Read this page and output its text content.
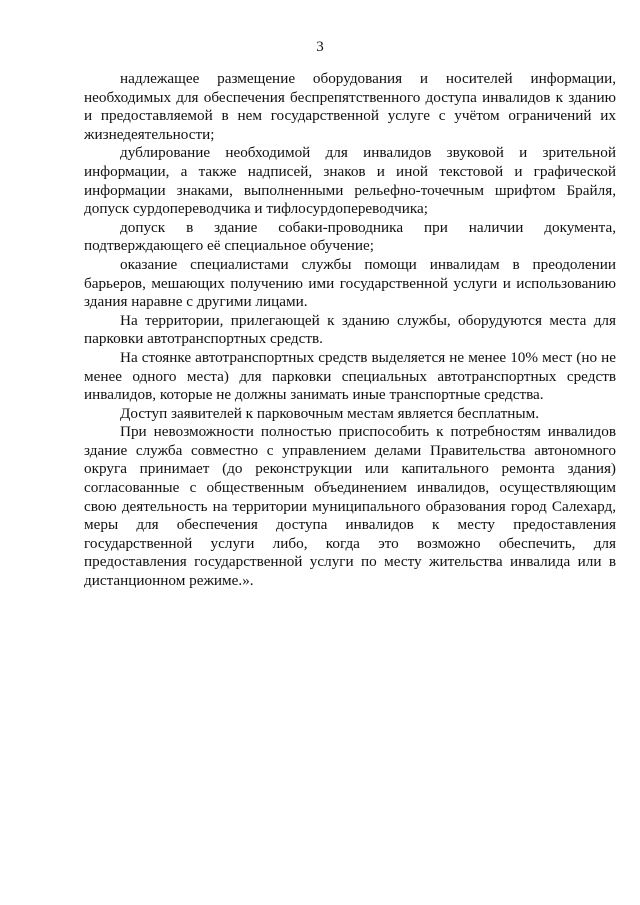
3

надлежащее размещение оборудования и носителей информации, необходимых для обеспечения беспрепятственного доступа инвалидов к зданию и предоставляемой в нем государственной услуге с учётом ограничений их жизнедеятельности;

дублирование необходимой для инвалидов звуковой и зрительной информации, а также надписей, знаков и иной текстовой и графической информации знаками, выполненными рельефно-точечным шрифтом Брайля, допуск сурдопереводчика и тифлосурдопереводчика;

допуск в здание собаки-проводника при наличии документа, подтверждающего её специальное обучение;

оказание специалистами службы помощи инвалидам в преодолении барьеров, мешающих получению ими государственной услуги и использованию здания наравне с другими лицами.

На территории, прилегающей к зданию службы, оборудуются места для парковки автотранспортных средств.

На стоянке автотранспортных средств выделяется не менее 10% мест (но не менее одного места) для парковки специальных автотранспортных средств инвалидов, которые не должны занимать иные транспортные средства.

Доступ заявителей к парковочным местам является бесплатным.

При невозможности полностью приспособить к потребностям инвалидов здание служба совместно с управлением делами Правительства автономного округа принимает (до реконструкции или капитального ремонта здания) согласованные с общественным объединением инвалидов, осуществляющим свою деятельность на территории муниципального образования город Салехард, меры для обеспечения доступа инвалидов к месту предоставления государственной услуги либо, когда это возможно обеспечить, для предоставления государственной услуги по месту жительства инвалида или в дистанционном режиме.».
